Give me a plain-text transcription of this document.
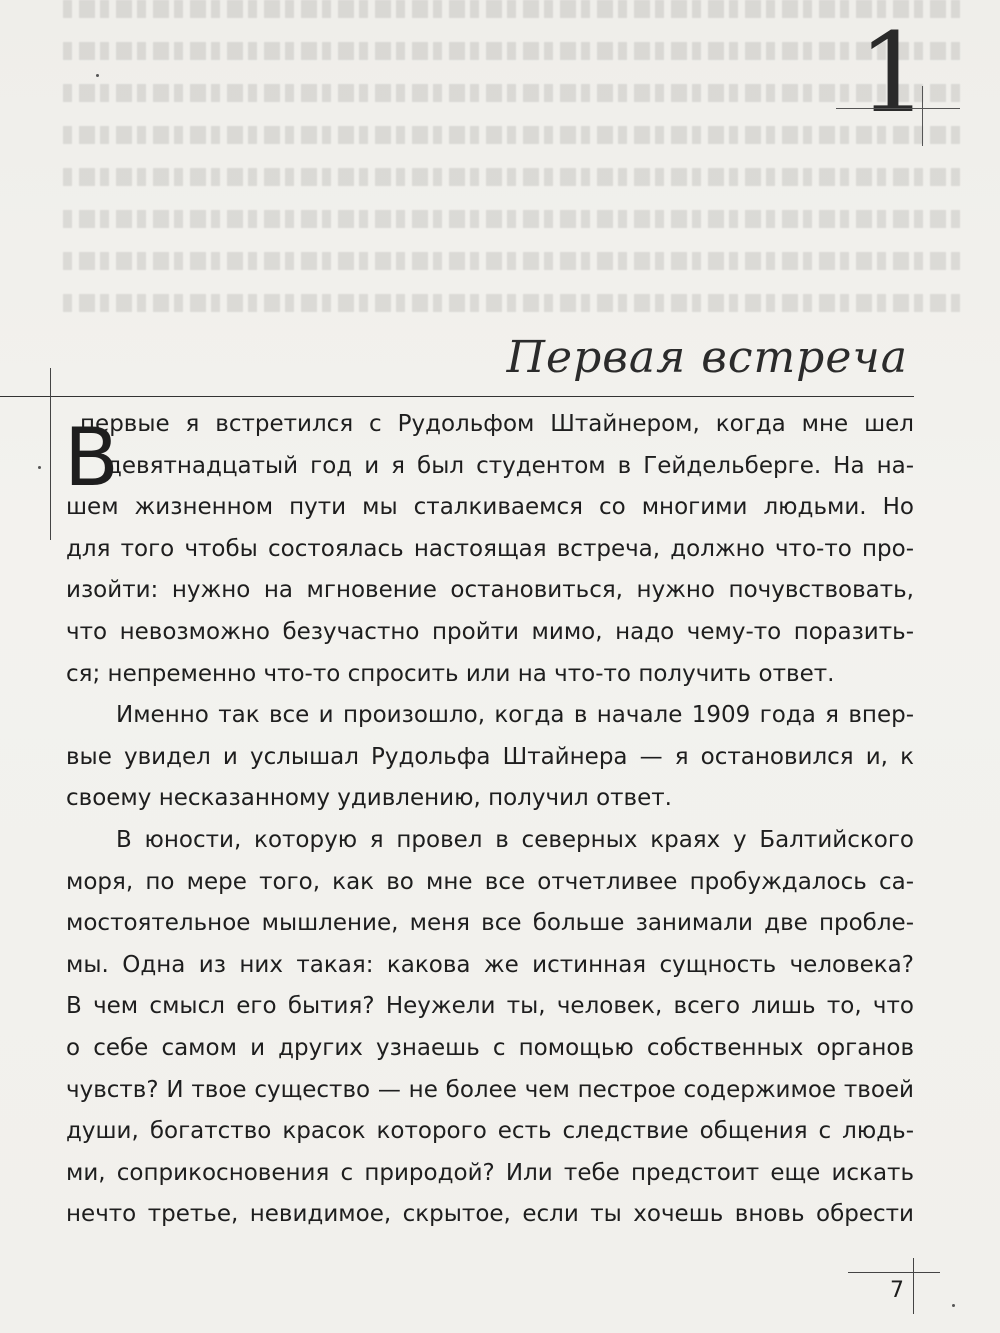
1
Первая встреча
В
первые я встретился с Рудольфом Штайнером, когда мне шел
девятнадцатый год и я был студентом в Гейдельберге. На на-
шем жизненном пути мы сталкиваемся со многими людьми. Но
для того чтобы состоялась настоящая встреча, должно что-то про-
изойти: нужно на мгновение остановиться, нужно почувствовать,
что невозможно безучастно пройти мимо, надо чему-то поразить-
ся; непременно что-то спросить или на что-то получить ответ.
Именно так все и произошло, когда в начале 1909 года я впер-
вые увидел и услышал Рудольфа Штайнера — я остановился и, к
своему несказанному удивлению, получил ответ.
В юности, которую я провел в северных краях у Балтийского
моря, по мере того, как во мне все отчетливее пробуждалось са-
мостоятельное мышление, меня все больше занимали две пробле-
мы. Одна из них такая: какова же истинная сущность человека?
В чем смысл его бытия? Неужели ты, человек, всего лишь то, что
о себе самом и других узнаешь с помощью собственных органов
чувств? И твое существо — не более чем пестрое содержимое твоей
души, богатство красок которого есть следствие общения с людь-
ми, соприкосновения с природой? Или тебе предстоит еще искать
нечто третье, невидимое, скрытое, если ты хочешь вновь обрести
7
